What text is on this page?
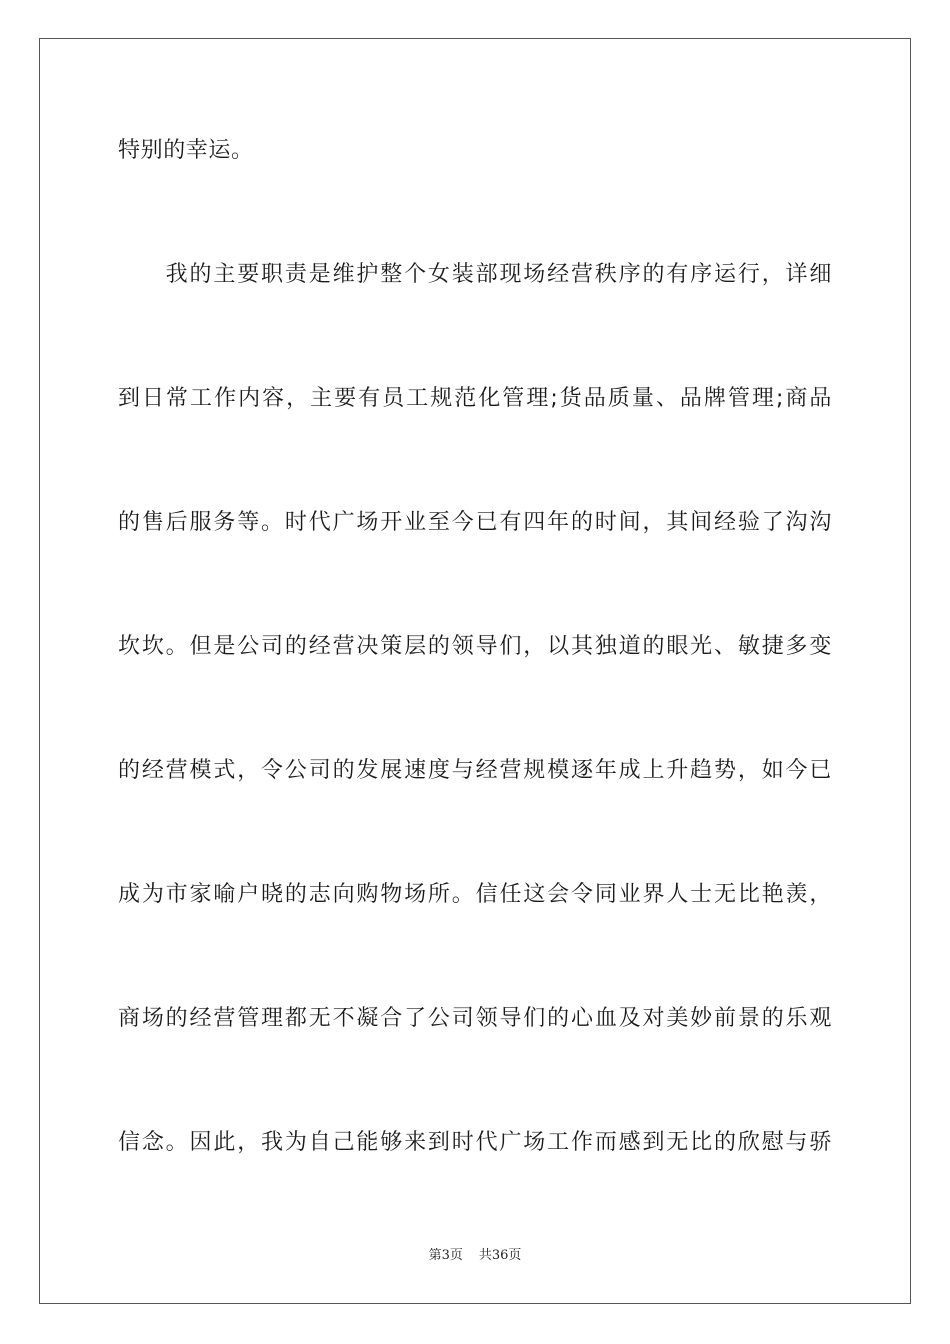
特别的幸运。
　　我的主要职责是维护整个女装部现场经营秩序的有序运行，详细
到日常工作内容，主要有员工规范化管理;货品质量、品牌管理;商品
的售后服务等。时代广场开业至今已有四年的时间，其间经验了沟沟
坎坎。但是公司的经营决策层的领导们，以其独道的眼光、敏捷多变
的经营模式，令公司的发展速度与经营规模逐年成上升趋势，如今已
成为市家喻户晓的志向购物场所。信任这会令同业界人士无比艳羡，
商场的经营管理都无不凝合了公司领导们的心血及对美妙前景的乐观
信念。因此，我为自己能够来到时代广场工作而感到无比的欣慰与骄
第3页 共36页
